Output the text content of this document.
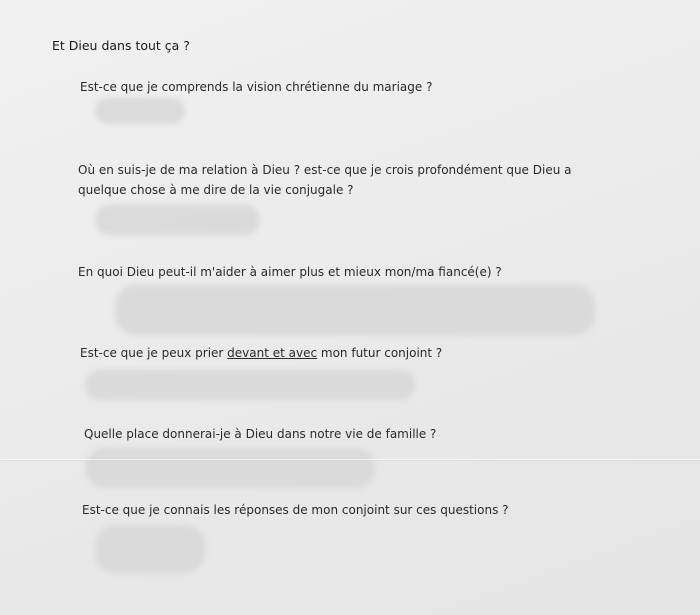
Et Dieu dans tout ça ?
Est-ce que je comprends la vision chrétienne du mariage ?
Où en suis-je de ma relation à Dieu ? est-ce que je crois profondément que Dieu a
quelque chose à me dire de la vie conjugale ?
En quoi Dieu peut-il m'aider à aimer plus et mieux mon/ma fiancé(e) ?
Est-ce que je peux prier devant et avec mon futur conjoint ?
Quelle place donnerai-je à Dieu dans notre vie de famille ?
Est-ce que je connais les réponses de mon conjoint sur ces questions ?
